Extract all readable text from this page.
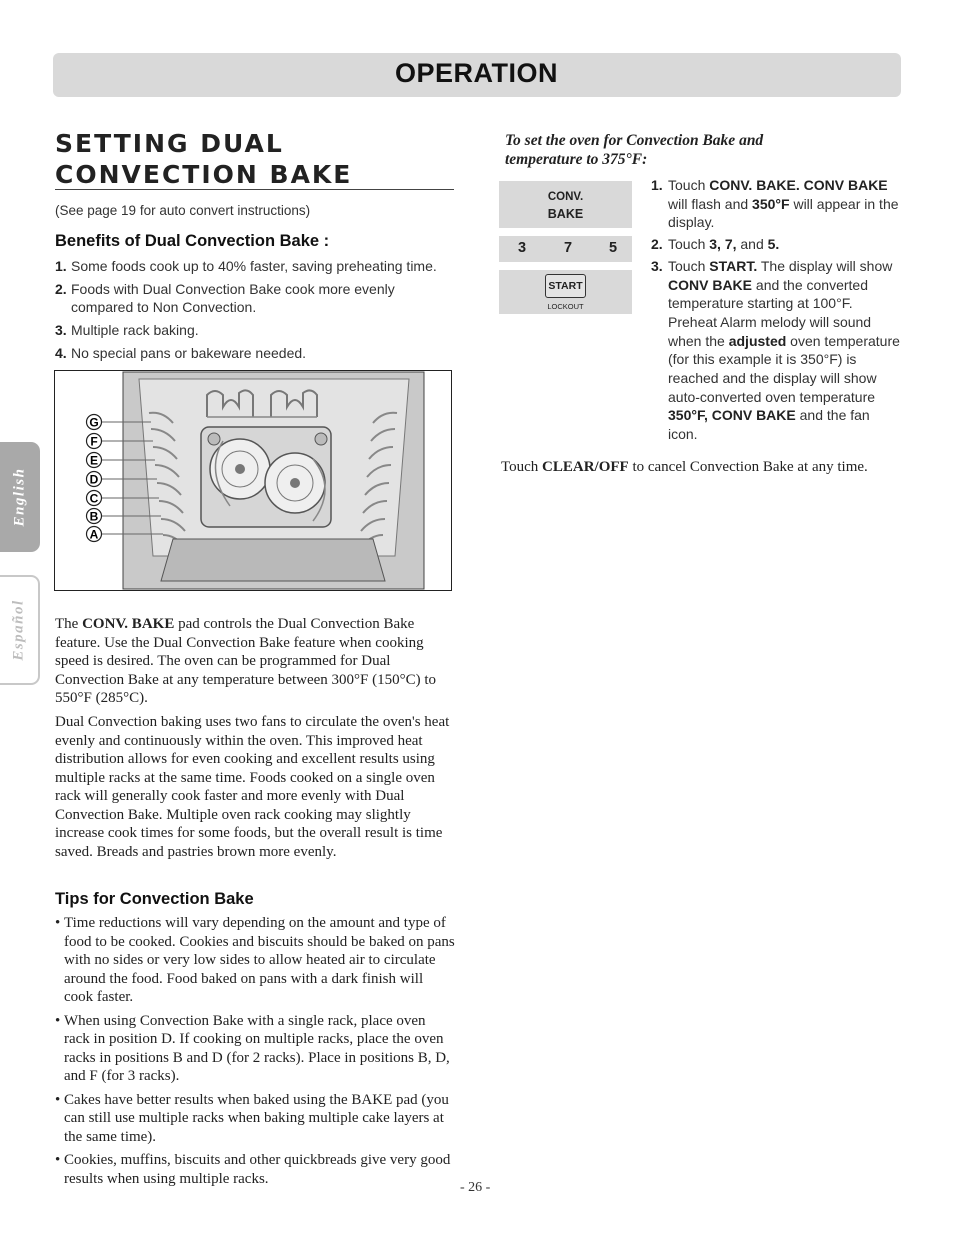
OPERATION
English
Español
SETTING DUAL CONVECTION BAKE
(See page 19 for auto convert instructions)
Benefits of Dual Convection Bake :
1. Some foods cook up to 40% faster, saving preheating time.
2. Foods with Dual Convection Bake cook more evenly compared to Non Convection.
3. Multiple rack baking.
4. No special pans or bakeware needed.
G
F
E
D
C
B
A

The CONV. BAKE pad controls the Dual Convection Bake feature. Use the Dual Convection Bake feature when cooking speed is desired. The oven can be programmed for Dual Convection Bake at any temperature between 300°F (150°C) to 550°F (285°C).

Dual Convection baking uses two fans to circulate the oven's heat evenly and continuously within the oven. This improved heat distribution allows for even cooking and excellent results using multiple racks at the same time. Foods cooked on a single oven rack will generally cook faster and more evenly with Dual Convection Bake. Multiple oven rack cooking may slightly increase cook times for some foods, but the overall result is time saved. Breads and pastries brown more evenly.

Tips for Convection Bake
• Time reductions will vary depending on the amount and type of food to be cooked. Cookies and biscuits should be baked on pans with no sides or very low sides to allow heated air to circulate around the food. Food baked on pans with a dark finish will cook faster.
• When using Convection Bake with a single rack, place oven rack in position D. If cooking on multiple racks, place the oven racks in positions B and D (for 2 racks). Place in positions B, D, and F (for 3 racks).
• Cakes have better results when baked using the BAKE pad (you can still use multiple racks when baking multiple cake layers at the same time).
• Cookies, muffins, biscuits and other quickbreads give very good results when using multiple racks.

To set the oven for Convection Bake and temperature to 375°F:

CONV.
BAKE
3	7	5
START
LOCKOUT
1. Touch CONV. BAKE. CONV BAKE will flash and 350°F will appear in the display.
2. Touch 3, 7, and 5.
3. Touch START. The display will show CONV BAKE and the converted temperature starting at 100°F. Preheat Alarm melody will sound when the adjusted oven temperature (for this example it is 350°F) is reached and the display will show auto-converted oven temperature 350°F, CONV BAKE and the fan icon.

Touch CLEAR/OFF to cancel Convection Bake at any time.

- 26 -
